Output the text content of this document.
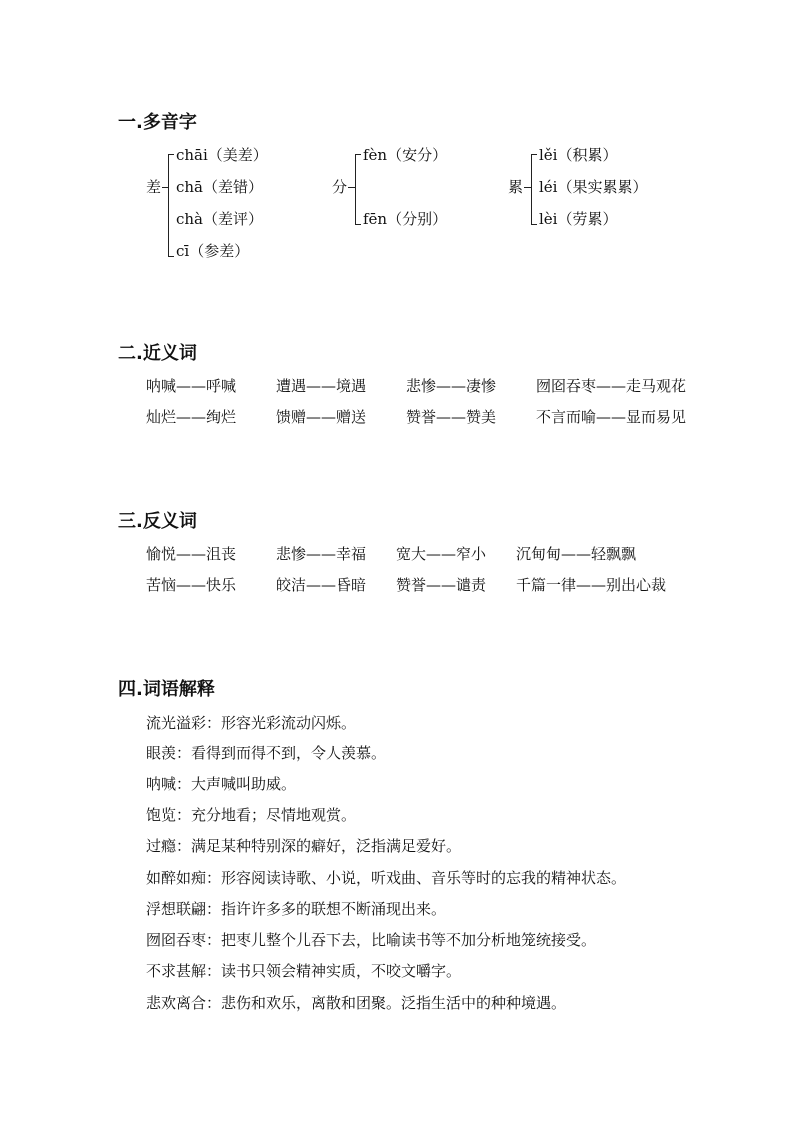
一.多音字
差
chāi（美差）
chā（差错）
chà（差评）
cī（参差）
分
fèn（安分）
fēn（分别）
累
lěi（积累）
léi（果实累累）
lèi（劳累）
二.近义词
呐喊——呼喊	遭遇——境遇	悲惨——凄惨	囫囵吞枣——走马观花
灿烂——绚烂	馈赠——赠送	赞誉——赞美	不言而喻——显而易见
三.反义词
愉悦——沮丧	悲惨——幸福 宽大——窄小 沉甸甸——轻飘飘
苦恼——快乐	皎洁——昏暗 赞誉——谴责 千篇一律——别出心裁
四.词语解释
流光溢彩：形容光彩流动闪烁。
眼羡：看得到而得不到，令人羡慕。
呐喊：大声喊叫助威。
饱览：充分地看；尽情地观赏。
过瘾：满足某种特别深的癖好，泛指满足爱好。
如醉如痴：形容阅读诗歌、小说，听戏曲、音乐等时的忘我的精神状态。
浮想联翩：指许许多多的联想不断涌现出来。
囫囵吞枣：把枣儿整个儿吞下去，比喻读书等不加分析地笼统接受。
不求甚解：读书只领会精神实质，不咬文嚼字。
悲欢离合：悲伤和欢乐，离散和团聚。泛指生活中的种种境遇。
